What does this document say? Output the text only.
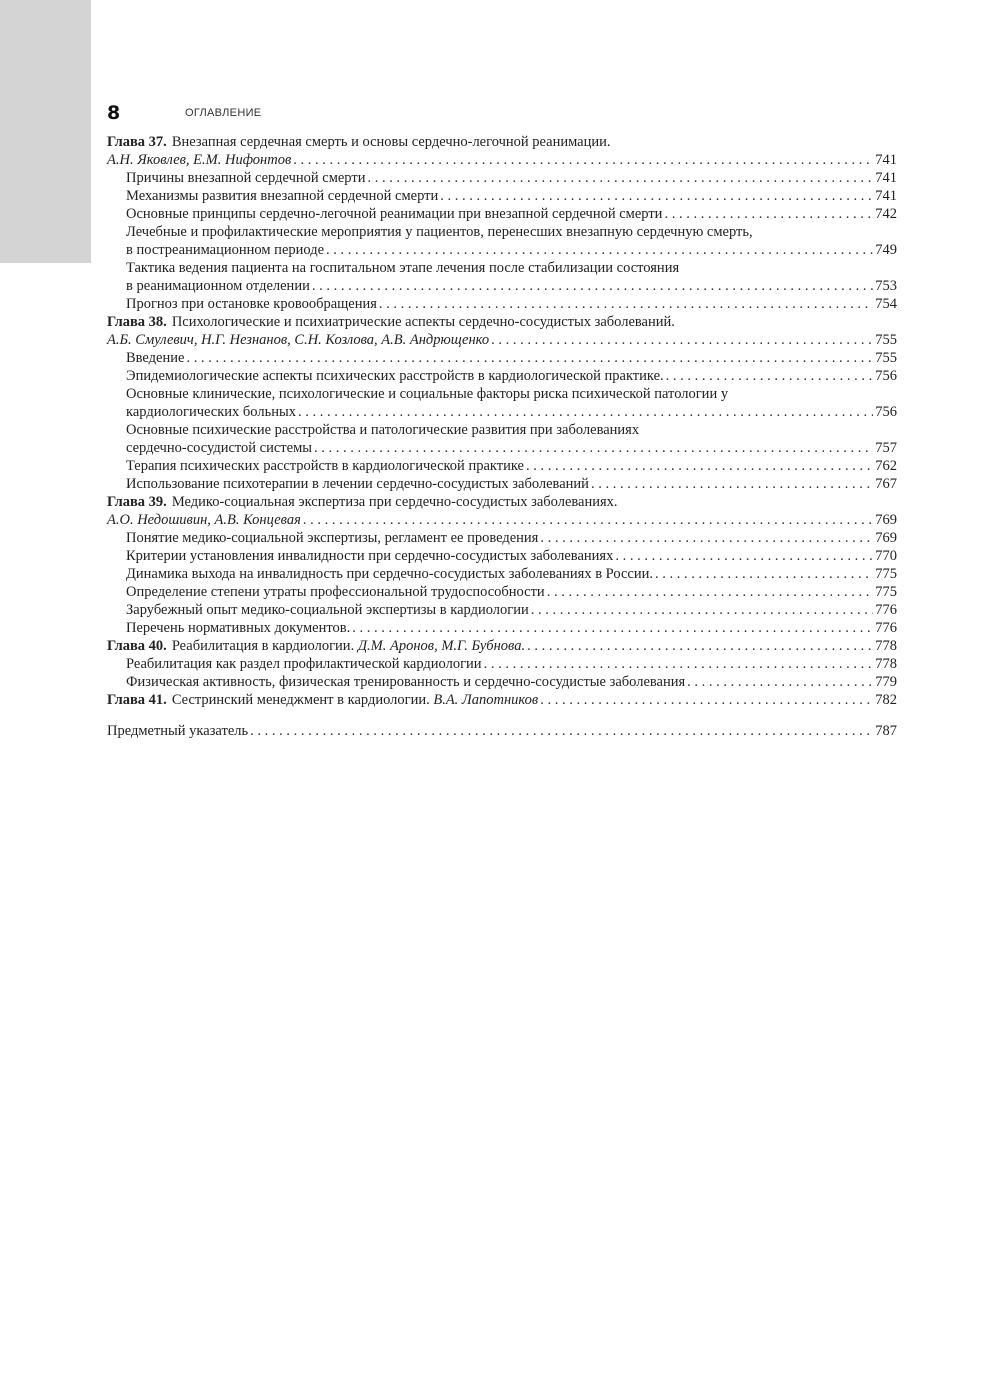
8	ОГЛАВЛЕНИЕ
Глава 37. Внезапная сердечная смерть и основы сердечно-легочной реанимации.
А.Н. Яковлев, Е.М. Нифонтов . . .	741
Причины внезапной сердечной смерти . . .	741
Механизмы развития внезапной сердечной смерти . . .	741
Основные принципы сердечно-легочной реанимации при внезапной сердечной смерти . . .	742
Лечебные и профилактические мероприятия у пациентов, перенесших внезапную сердечную смерть,
в постреанимационном периоде . . .	749
Тактика ведения пациента на госпитальном этапе лечения после стабилизации состояния
в реанимационном отделении . . .	753
Прогноз при остановке кровообращения . . .	754
Глава 38. Психологические и психиатрические аспекты сердечно-сосудистых заболеваний.
А.Б. Смулевич, Н.Г. Незнанов, С.Н. Козлова, А.В. Андрющенко . . .	755
Введение . . .	755
Эпидемиологические аспекты психических расстройств в кардиологической практике. . . .	756
Основные клинические, психологические и социальные факторы риска психической патологии у
кардиологических больных . . .	756
Основные психические расстройства и патологические развития при заболеваниях
сердечно-сосудистой системы . . .	757
Терапия психических расстройств в кардиологической практике . . .	762
Использование психотерапии в лечении сердечно-сосудистых заболеваний . . .	767
Глава 39. Медико-социальная экспертиза при сердечно-сосудистых заболеваниях.
А.О. Недошивин, А.В. Концевая . . .	769
Понятие медико-социальной экспертизы, регламент ее проведения . . .	769
Критерии установления инвалидности при сердечно-сосудистых заболеваниях . . .	770
Динамика выхода на инвалидность при сердечно-сосудистых заболеваниях в России. . . .	775
Определение степени утраты профессиональной трудоспособности . . .	775
Зарубежный опыт медико-социальной экспертизы в кардиологии . . .	776
Перечень нормативных документов. . . .	776
Глава 40. Реабилитация в кардиологии.
Д.М. Аронов, М.Г. Бубнова. . . .	778
Реабилитация как раздел профилактической кардиологии . . .	778
Физическая активность, физическая тренированность и сердечно-сосудистые заболевания . . .	779
Глава 41. Сестринский менеджмент в кардиологии.
В.А. Лапотников . . .	782
Предметный указатель . . .	787
